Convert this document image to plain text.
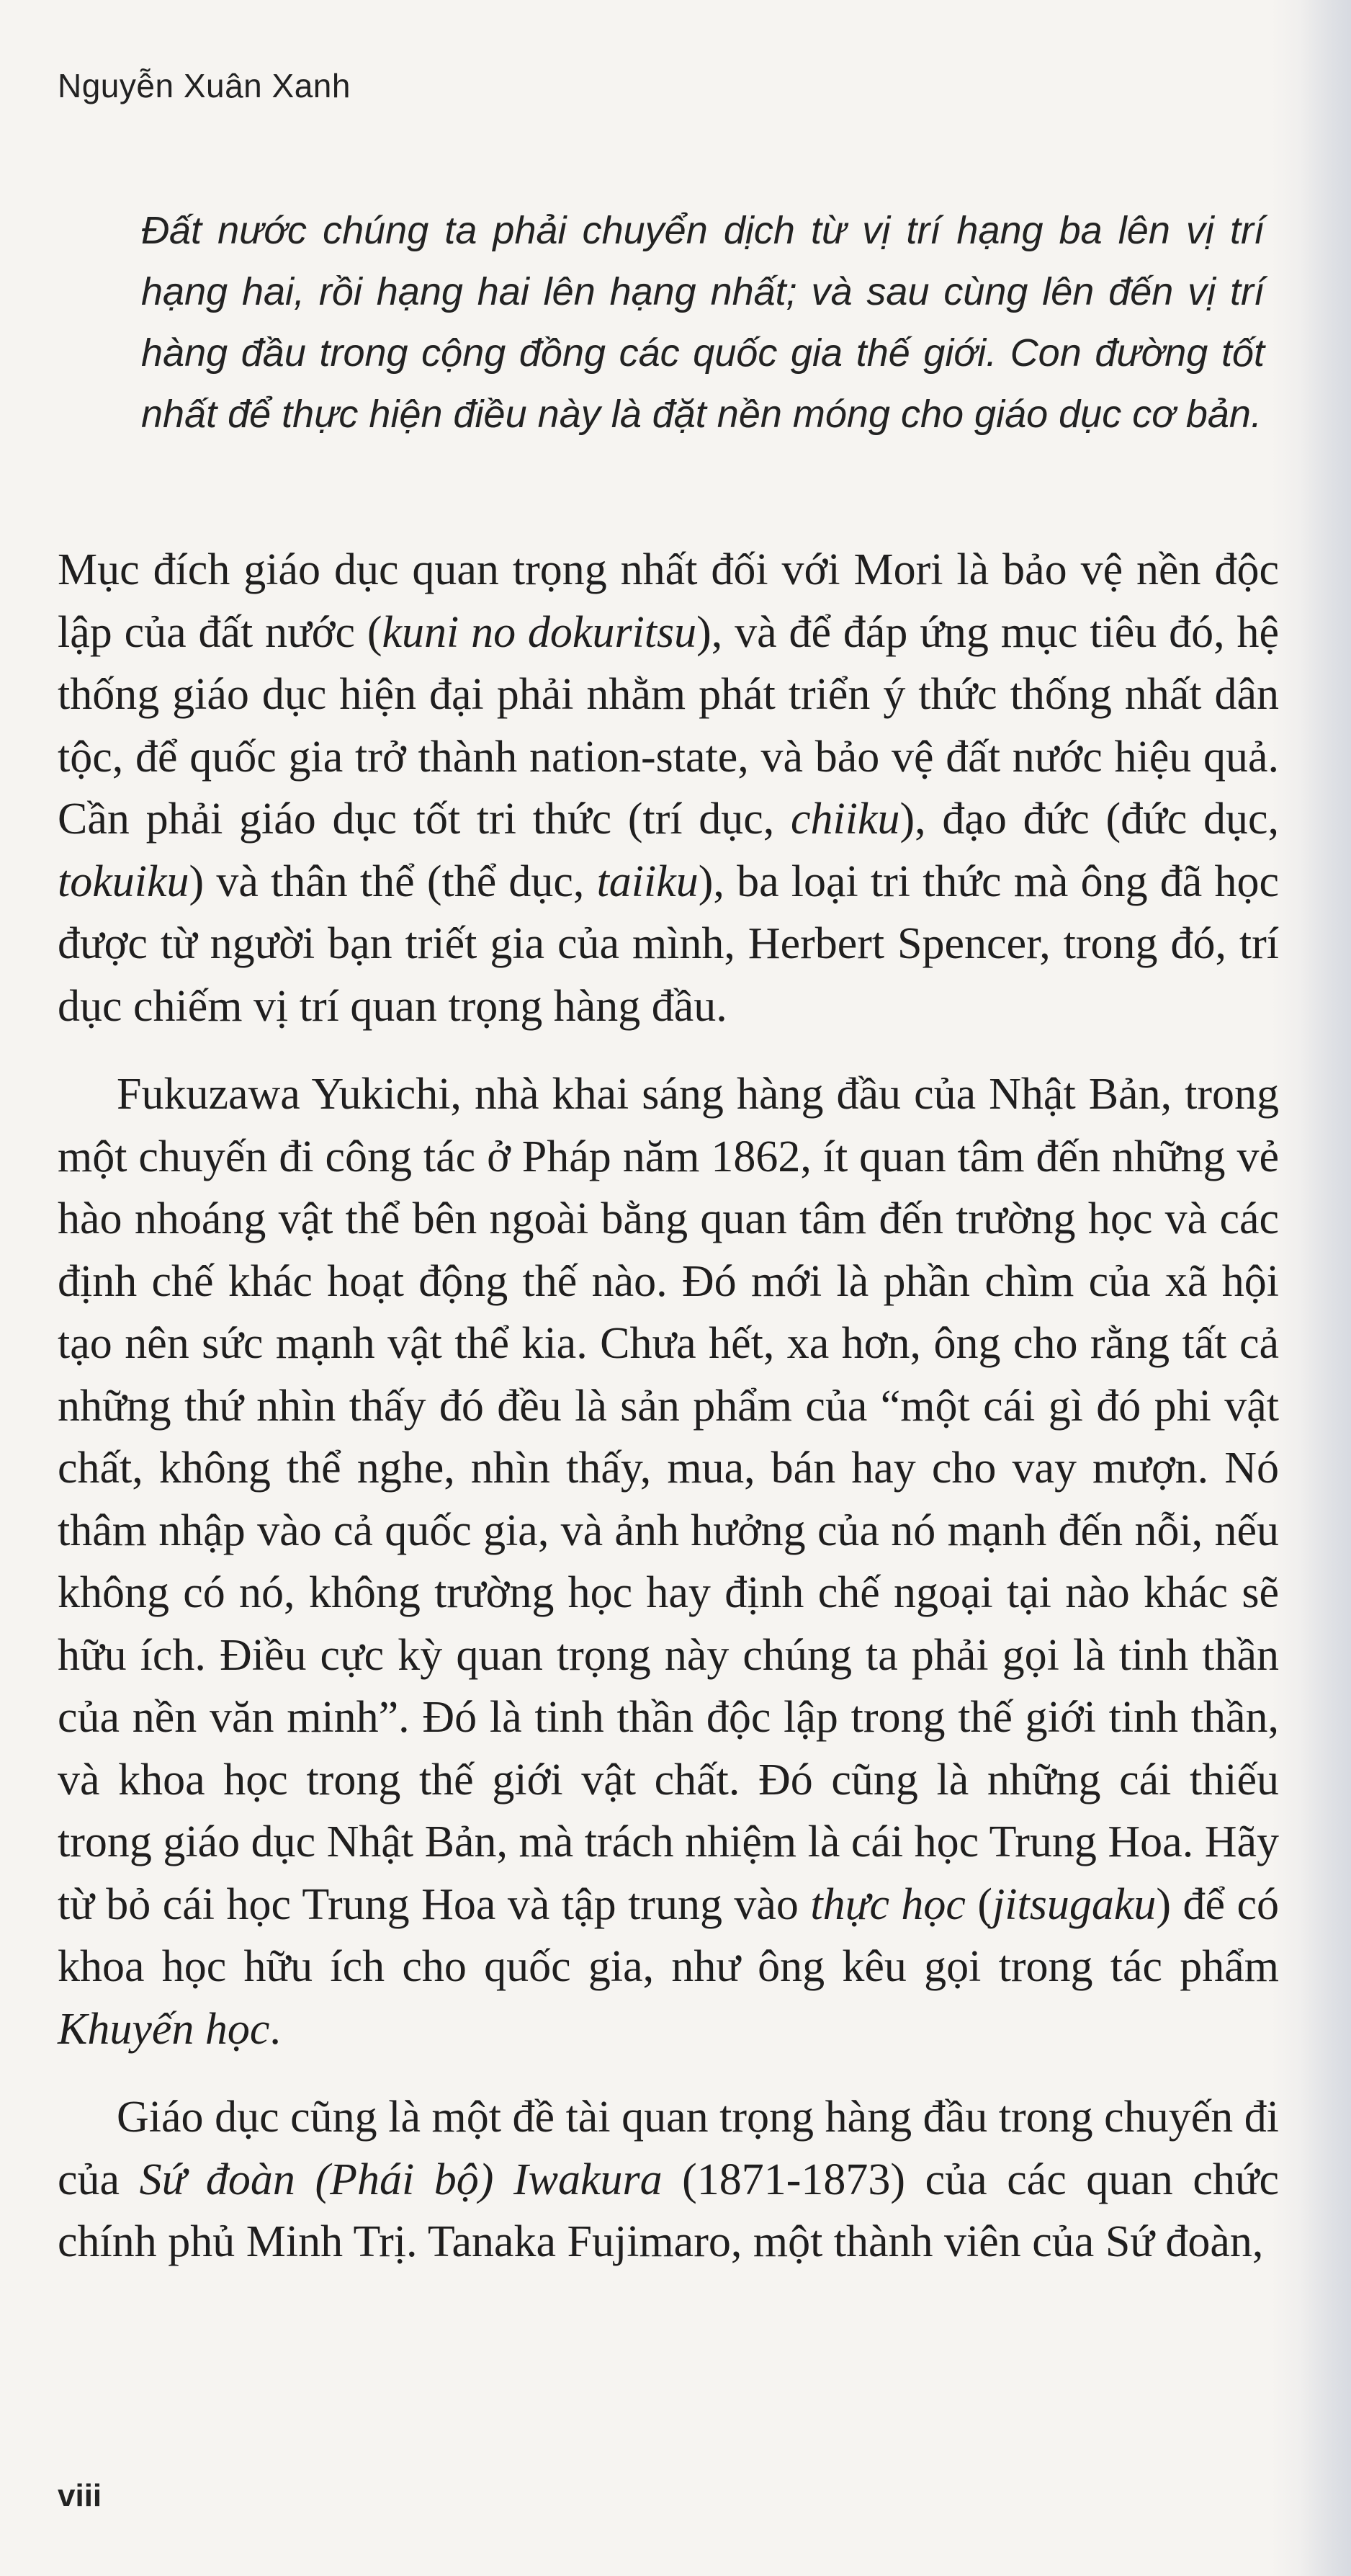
Nguyễn Xuân Xanh
Đất nước chúng ta phải chuyển dịch từ vị trí hạng ba lên vị trí hạng hai, rồi hạng hai lên hạng nhất; và sau cùng lên đến vị trí hàng đầu trong cộng đồng các quốc gia thế giới. Con đường tốt nhất để thực hiện điều này là đặt nền móng cho giáo dục cơ bản.

Mục đích giáo dục quan trọng nhất đối với Mori là bảo vệ nền độc lập của đất nước (kuni no dokuritsu), và để đáp ứng mục tiêu đó, hệ thống giáo dục hiện đại phải nhằm phát triển ý thức thống nhất dân tộc, để quốc gia trở thành nation-state, và bảo vệ đất nước hiệu quả. Cần phải giáo dục tốt tri thức (trí dục, chiiku), đạo đức (đức dục, tokuiku) và thân thể (thể dục, taiiku), ba loại tri thức mà ông đã học được từ người bạn triết gia của mình, Herbert Spencer, trong đó, trí dục chiếm vị trí quan trọng hàng đầu.

Fukuzawa Yukichi, nhà khai sáng hàng đầu của Nhật Bản, trong một chuyến đi công tác ở Pháp năm 1862, ít quan tâm đến những vẻ hào nhoáng vật thể bên ngoài bằng quan tâm đến trường học và các định chế khác hoạt động thế nào. Đó mới là phần chìm của xã hội tạo nên sức mạnh vật thể kia. Chưa hết, xa hơn, ông cho rằng tất cả những thứ nhìn thấy đó đều là sản phẩm của “một cái gì đó phi vật chất, không thể nghe, nhìn thấy, mua, bán hay cho vay mượn. Nó thâm nhập vào cả quốc gia, và ảnh hưởng của nó mạnh đến nỗi, nếu không có nó, không trường học hay định chế ngoại tại nào khác sẽ hữu ích. Điều cực kỳ quan trọng này chúng ta phải gọi là tinh thần của nền văn minh”. Đó là tinh thần độc lập trong thế giới tinh thần, và khoa học trong thế giới vật chất. Đó cũng là những cái thiếu trong giáo dục Nhật Bản, mà trách nhiệm là cái học Trung Hoa. Hãy từ bỏ cái học Trung Hoa và tập trung vào thực học (jitsugaku) để có khoa học hữu ích cho quốc gia, như ông kêu gọi trong tác phẩm Khuyến học.

Giáo dục cũng là một đề tài quan trọng hàng đầu trong chuyến đi của Sứ đoàn (Phái bộ) Iwakura (1871-1873) của các quan chức chính phủ Minh Trị. Tanaka Fujimaro, một thành viên của Sứ đoàn,

viii
